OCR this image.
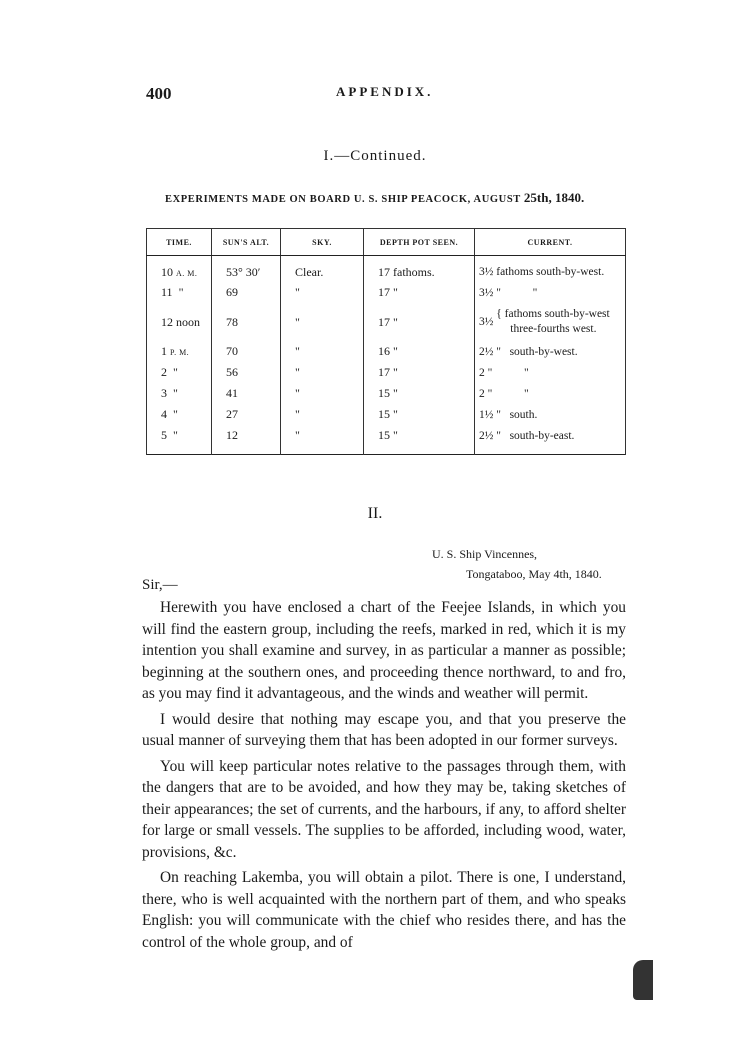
400	APPENDIX.
I.—Continued.
EXPERIMENTS MADE ON BOARD U. S. SHIP PEACOCK, AUGUST 25th, 1840.
TIME.	SUN'S ALT.	SKY.	DEPTH POT SEEN.	CURRENT.
10 A. M.	53° 30′	Clear.	17 fathoms.	3½ fathoms south-by-west.
11 "	69	"	17 "	3½ "           "
12 noon	78	"	17 "	3½ { fathoms south-by-west
three-fourths west.
1 P. M.	70	"	16 "	2½ "   south-by-west.
2 "	56	"	17 "	2 "           "
3 "	41	"	15 "	2 "           "
4 "	27	"	15 "	1½ "   south.
5 "	12	"	15 "	2½ "   south-by-east.
II.
U. S. Ship Vincennes,
Tongataboo, May 4th, 1840.
Sir,—

Herewith you have enclosed a chart of the Feejee Islands, in which you will find the eastern group, including the reefs, marked in red, which it is my intention you shall examine and survey, in as particular a manner as possible; beginning at the southern ones, and proceeding thence northward, to and fro, as you may find it advantageous, and the winds and weather will permit.

I would desire that nothing may escape you, and that you preserve the usual manner of surveying them that has been adopted in our former surveys.

You will keep particular notes relative to the passages through them, with the dangers that are to be avoided, and how they may be, taking sketches of their appearances; the set of currents, and the harbours, if any, to afford shelter for large or small vessels. The supplies to be afforded, including wood, water, provisions, &c.

On reaching Lakemba, you will obtain a pilot. There is one, I understand, there, who is well acquainted with the northern part of them, and who speaks English: you will communicate with the chief who resides there, and has the control of the whole group, and of
